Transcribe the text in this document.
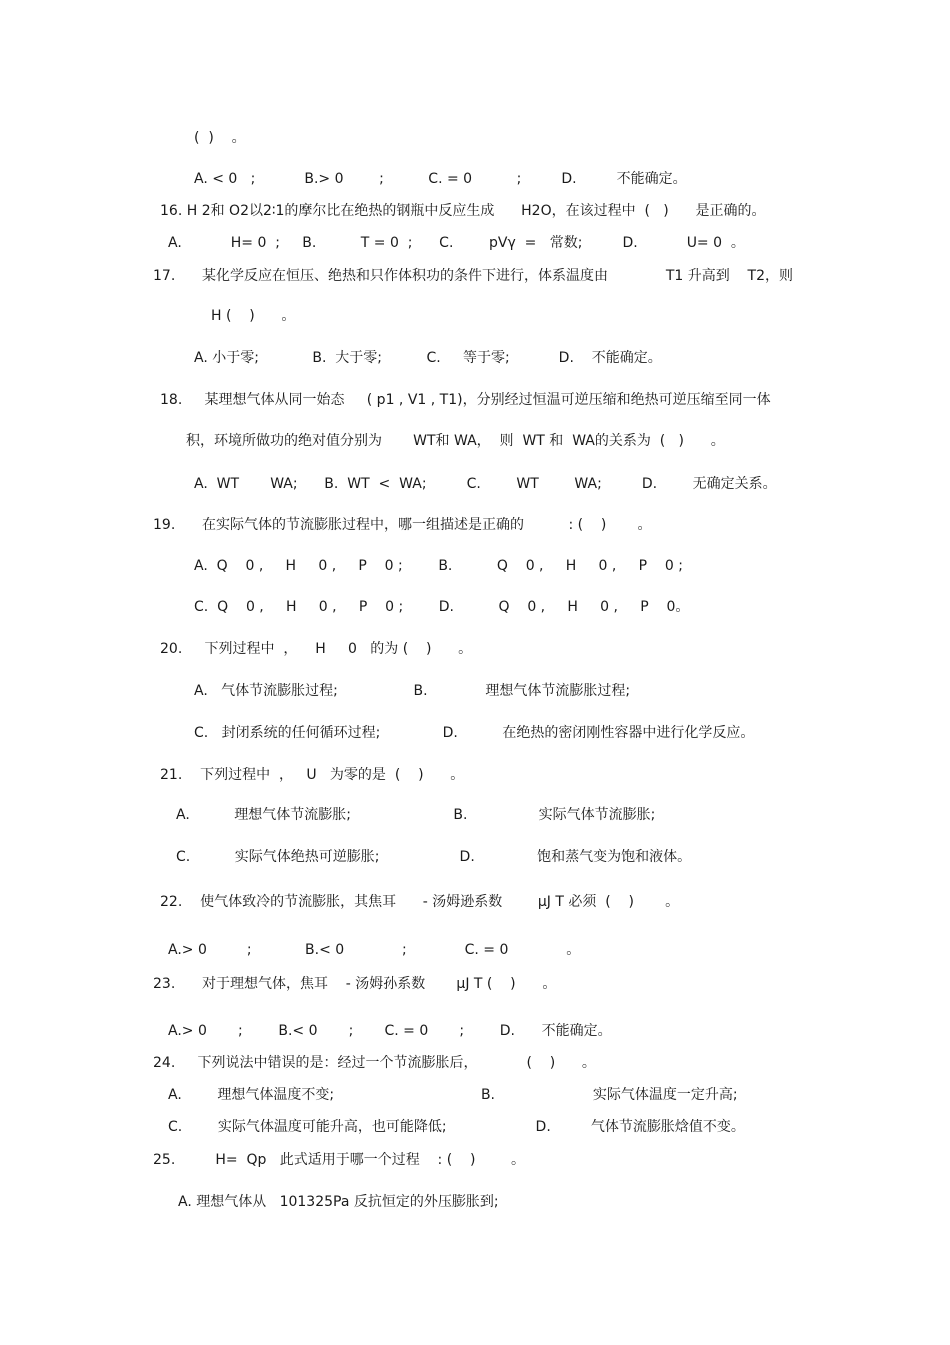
(  )    。
A. < 0   ;           B.> 0        ;          C. = 0          ;         D.         不能确定。
16. H 2和 O2以2∶1的摩尔比在绝热的钢瓶中反应生成      H2O，在该过程中  (   )      是正确的。
A.           H= 0  ;     B.          T = 0  ;      C.        pVγ  =   常数;         D.           U= 0  。
17.      某化学反应在恒压、绝热和只作体积功的条件下进行，体系温度由             T1 升高到    T2，则
H (    )      。
A. 小于零;            B.  大于零;          C.     等于零;           D.    不能确定。
18.     某理想气体从同一始态     ( p1 , V1 , T1)，分别经过恒温可逆压缩和绝热可逆压缩至同一体
积，环境所做功的绝对值分别为       WT和 WA，  则  WT 和  WA的关系为  (   )      。
A.  WT       WA;      B.  WT  <  WA;         C.        WT        WA;         D.        无确定关系。
19.      在实际气体的节流膨胀过程中，哪一组描述是正确的          : (    )       。
A.  Q    0 ,     H     0 ,     P    0 ;        B.          Q    0 ,     H     0 ,     P    0 ;
C.  Q    0 ,     H     0 ,     P    0 ;        D.          Q    0 ,     H     0 ,     P    0。
20.     下列过程中  ，    H     0   的为 (    )      。
A.   气体节流膨胀过程;                 B.             理想气体节流膨胀过程;
C.   封闭系统的任何循环过程;              D.          在绝热的密闭刚性容器中进行化学反应。
21.    下列过程中  ，   U   为零的是  (    )      。
A.          理想气体节流膨胀;                       B.                实际气体节流膨胀;
C.          实际气体绝热可逆膨胀;                  D.              饱和蒸气变为饱和液体。
22.    使气体致冷的节流膨胀，其焦耳      - 汤姆逊系数        μJ T 必须  (    )       。
A.> 0         ;            B.< 0             ;             C. = 0             。
23.      对于理想气体，焦耳    - 汤姆孙系数       μJ T (    )      。
A.> 0       ;        B.< 0       ;       C. = 0       ;        D.      不能确定。
24.     下列说法中错误的是：经过一个节流膨胀后，           (    )      。
A.        理想气体温度不变;                                 B.                      实际气体温度一定升高;
C.        实际气体温度可能升高，也可能降低;                    D.         气体节流膨胀焓值不变。
25.         H=  Qp   此式适用于哪一个过程    : (    )        。
A. 理想气体从   101325Pa 反抗恒定的外压膨胀到;
